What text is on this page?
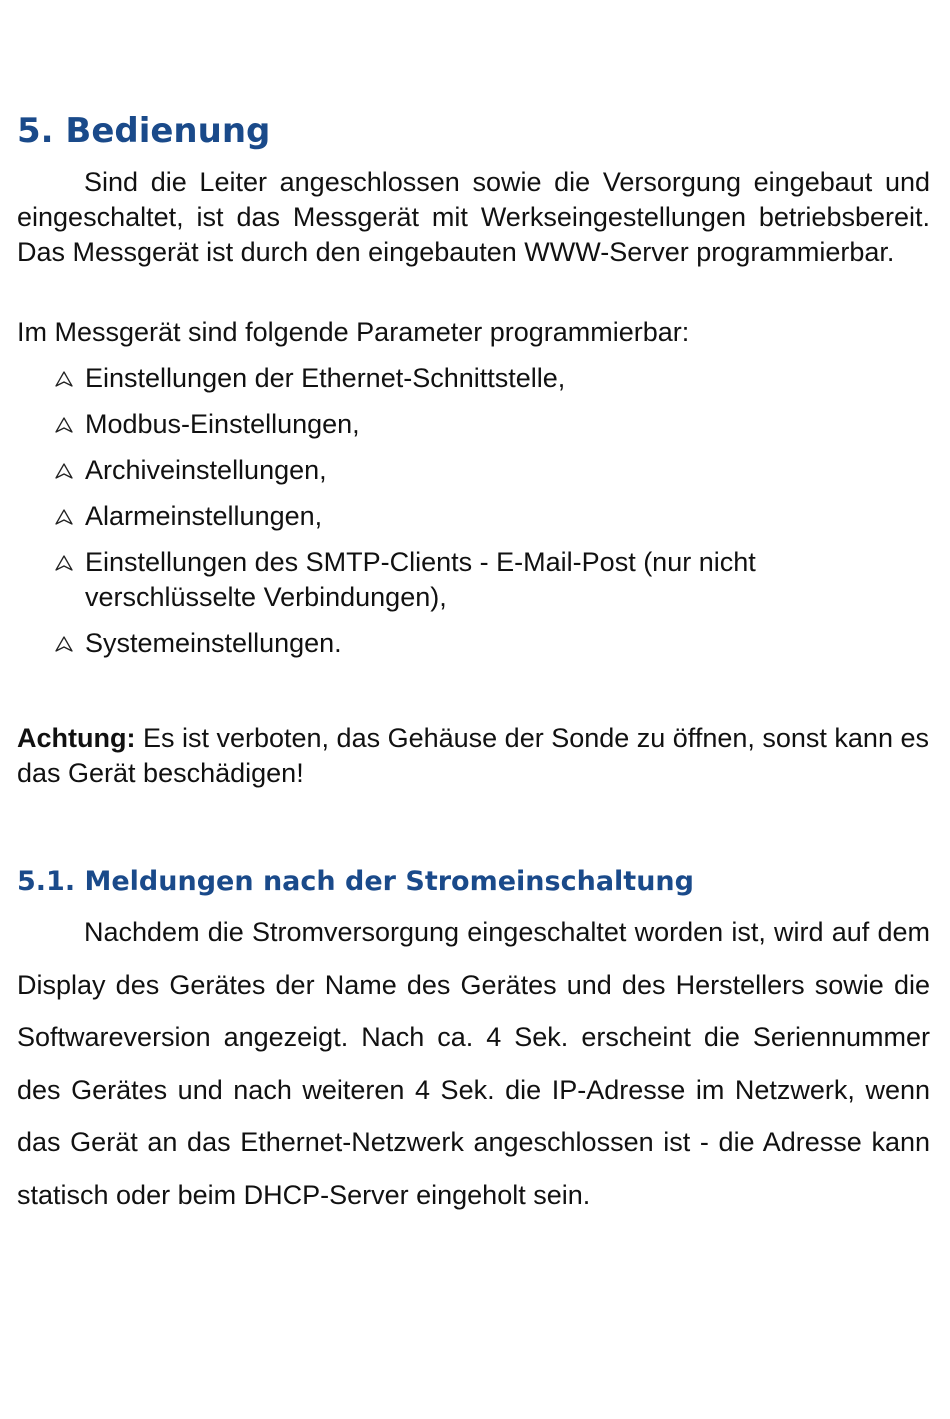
5. Bedienung

Sind die Leiter angeschlossen sowie die Versorgung eingebaut und eingeschaltet, ist das Messgerät mit Werkseingestellungen betriebsbereit. Das Messgerät ist durch den eingebauten WWW-Server programmierbar.

Im Messgerät sind folgende Parameter programmierbar:

Einstellungen der Ethernet-Schnittstelle,
Modbus-Einstellungen,
Archiveinstellungen,
Alarmeinstellungen,
Einstellungen des SMTP-Clients - E-Mail-Post (nur nicht verschlüsselte Verbindungen),
Systemeinstellungen.

Achtung: Es ist verboten, das Gehäuse der Sonde zu öffnen, sonst kann es das Gerät beschädigen!

5.1. Meldungen nach der Stromeinschaltung

Nachdem die Stromversorgung eingeschaltet worden ist, wird auf dem Display des Gerätes der Name des Gerätes und des Herstellers sowie die Softwareversion angezeigt. Nach ca. 4 Sek. erscheint die Seriennummer des Gerätes und nach weiteren 4 Sek. die IP-Adresse im Netzwerk, wenn das Gerät an das Ethernet-Netzwerk angeschlossen ist - die Adresse kann statisch oder beim DHCP-Server eingeholt sein.
